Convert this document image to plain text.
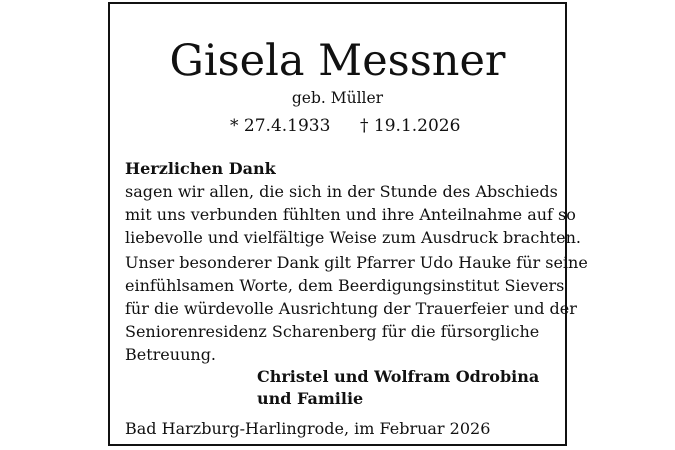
Gisela Messner
geb. Müller
* 27.4.1933 † 19.1.2026
Herzlichen Dank
sagen wir allen, die sich in der Stunde des Abschieds
mit uns verbunden fühlten und ihre Anteilnahme auf so
liebevolle und vielfältige Weise zum Ausdruck brachten.
Unser besonderer Dank gilt Pfarrer Udo Hauke für seine
einfühlsamen Worte, dem Beerdigungsinstitut Sievers
für die würdevolle Ausrichtung der Trauerfeier und der
Seniorenresidenz Scharenberg für die fürsorgliche
Betreuung.
Christel und Wolfram Odrobina
und Familie
Bad Harzburg-Harlingrode, im Februar 2026
